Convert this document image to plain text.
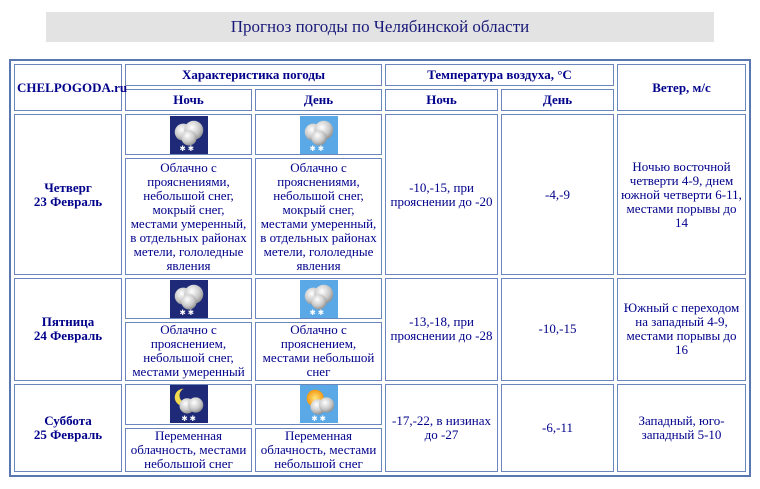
Прогноз погоды по Челябинской области
CHELPOGODA.ru	Характеристика погоды		Температура воздуха, °C		Ветер, м/с
	Ночь	День	Ночь	День	
Четверг
23 Февраль	✱ ✱	✱ ✱	-10,-15, при прояснении до -20	-4,-9	Ночью восточной четверти 4-9, днем южной четверти 6-11, местами порывы до 14
	Облачно с прояснениями, небольшой снег, мокрый снег, местами умеренный, в отдельных районах метели, гололедные явления	Облачно с прояснениями, небольшой снег, мокрый снег, местами умеренный, в отдельных районах метели, гололедные явления			
Пятница
24 Февраль	✱ ✱	✱ ✱	-13,-18, при прояснении до -28	-10,-15	Южный с переходом на западный 4-9, местами порывы до 16
	Облачно с прояснением, небольшой снег, местами умеренный	Облачно с прояснением, местами небольшой снег			
Суббота
25 Февраль	✱ ✱	✱ ✱	-17,-22, в низинах до -27	-6,-11	Западный, юго-западный 5-10
	Переменная облачность, местами небольшой снег	Переменная облачность, местами небольшой снег			
